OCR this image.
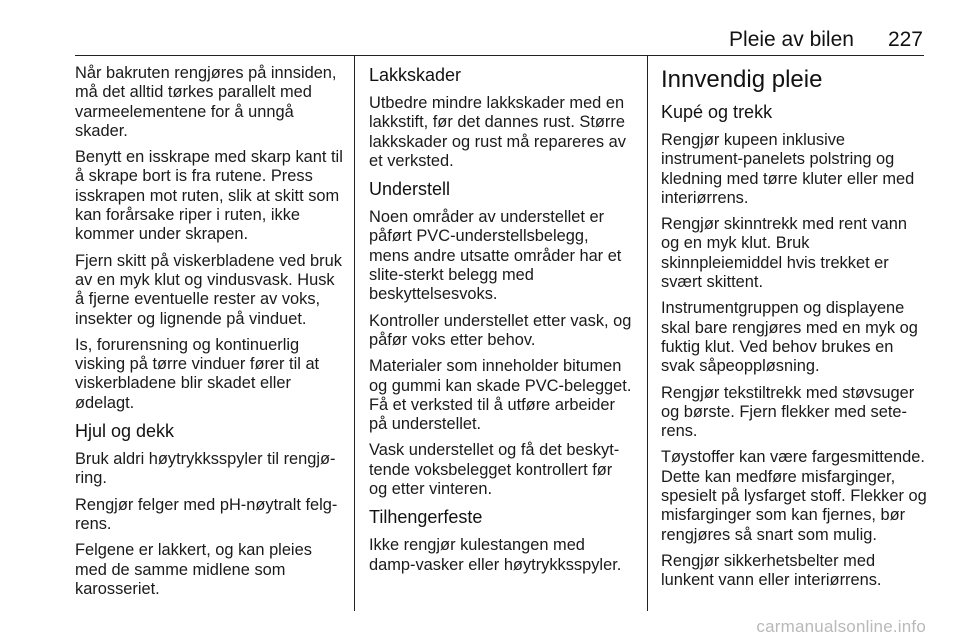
Pleie av bilen 227

Når bakruten rengjøres på innsiden, må det alltid tørkes parallelt med varmeelementene for å unngå skader.

Benytt en isskrape med skarp kant til å skrape bort is fra rutene. Press isskrapen mot ruten, slik at skitt som kan forårsake riper i ruten, ikke kommer under skrapen.

Fjern skitt på viskerbladene ved bruk av en myk klut og vindusvask. Husk å fjerne eventuelle rester av voks, insekter og lignende på vinduet.

Is, forurensning og kontinuerlig visking på tørre vinduer fører til at viskerbladene blir skadet eller ødelagt.

Hjul og dekk

Bruk aldri høytrykksspyler til rengjø-ring.

Rengjør felger med pH-nøytralt felg-rens.

Felgene er lakkert, og kan pleies med de samme midlene som karosseriet.

Lakkskader

Utbedre mindre lakkskader med en lakkstift, før det dannes rust. Større lakkskader og rust må repareres av et verksted.

Understell

Noen områder av understellet er påført PVC-understellsbelegg, mens andre utsatte områder har et slite-sterkt belegg med beskyttelsesvoks.

Kontroller understellet etter vask, og påfør voks etter behov.

Materialer som inneholder bitumen og gummi kan skade PVC-belegget. Få et verksted til å utføre arbeider på understellet.

Vask understellet og få det beskyt-tende voksbelegget kontrollert før og etter vinteren.

Tilhengerfeste

Ikke rengjør kulestangen med damp-vasker eller høytrykksspyler.

Innvendig pleie
Kupé og trekk

Rengjør kupeen inklusive instrument-panelets polstring og kledning med tørre kluter eller med interiørrens.

Rengjør skinntrekk med rent vann og en myk klut. Bruk skinnpleiemiddel hvis trekket er svært skittent.

Instrumentgruppen og displayene skal bare rengjøres med en myk og fuktig klut. Ved behov brukes en svak såpeoppløsning.

Rengjør tekstiltrekk med støvsuger og børste. Fjern flekker med sete-rens.

Tøystoffer kan være fargesmittende. Dette kan medføre misfarginger, spesielt på lysfarget stoff. Flekker og misfarginger som kan fjernes, bør rengjøres så snart som mulig.

Rengjør sikkerhetsbelter med lunkent vann eller interiørrens.

carmanualsonline.info
